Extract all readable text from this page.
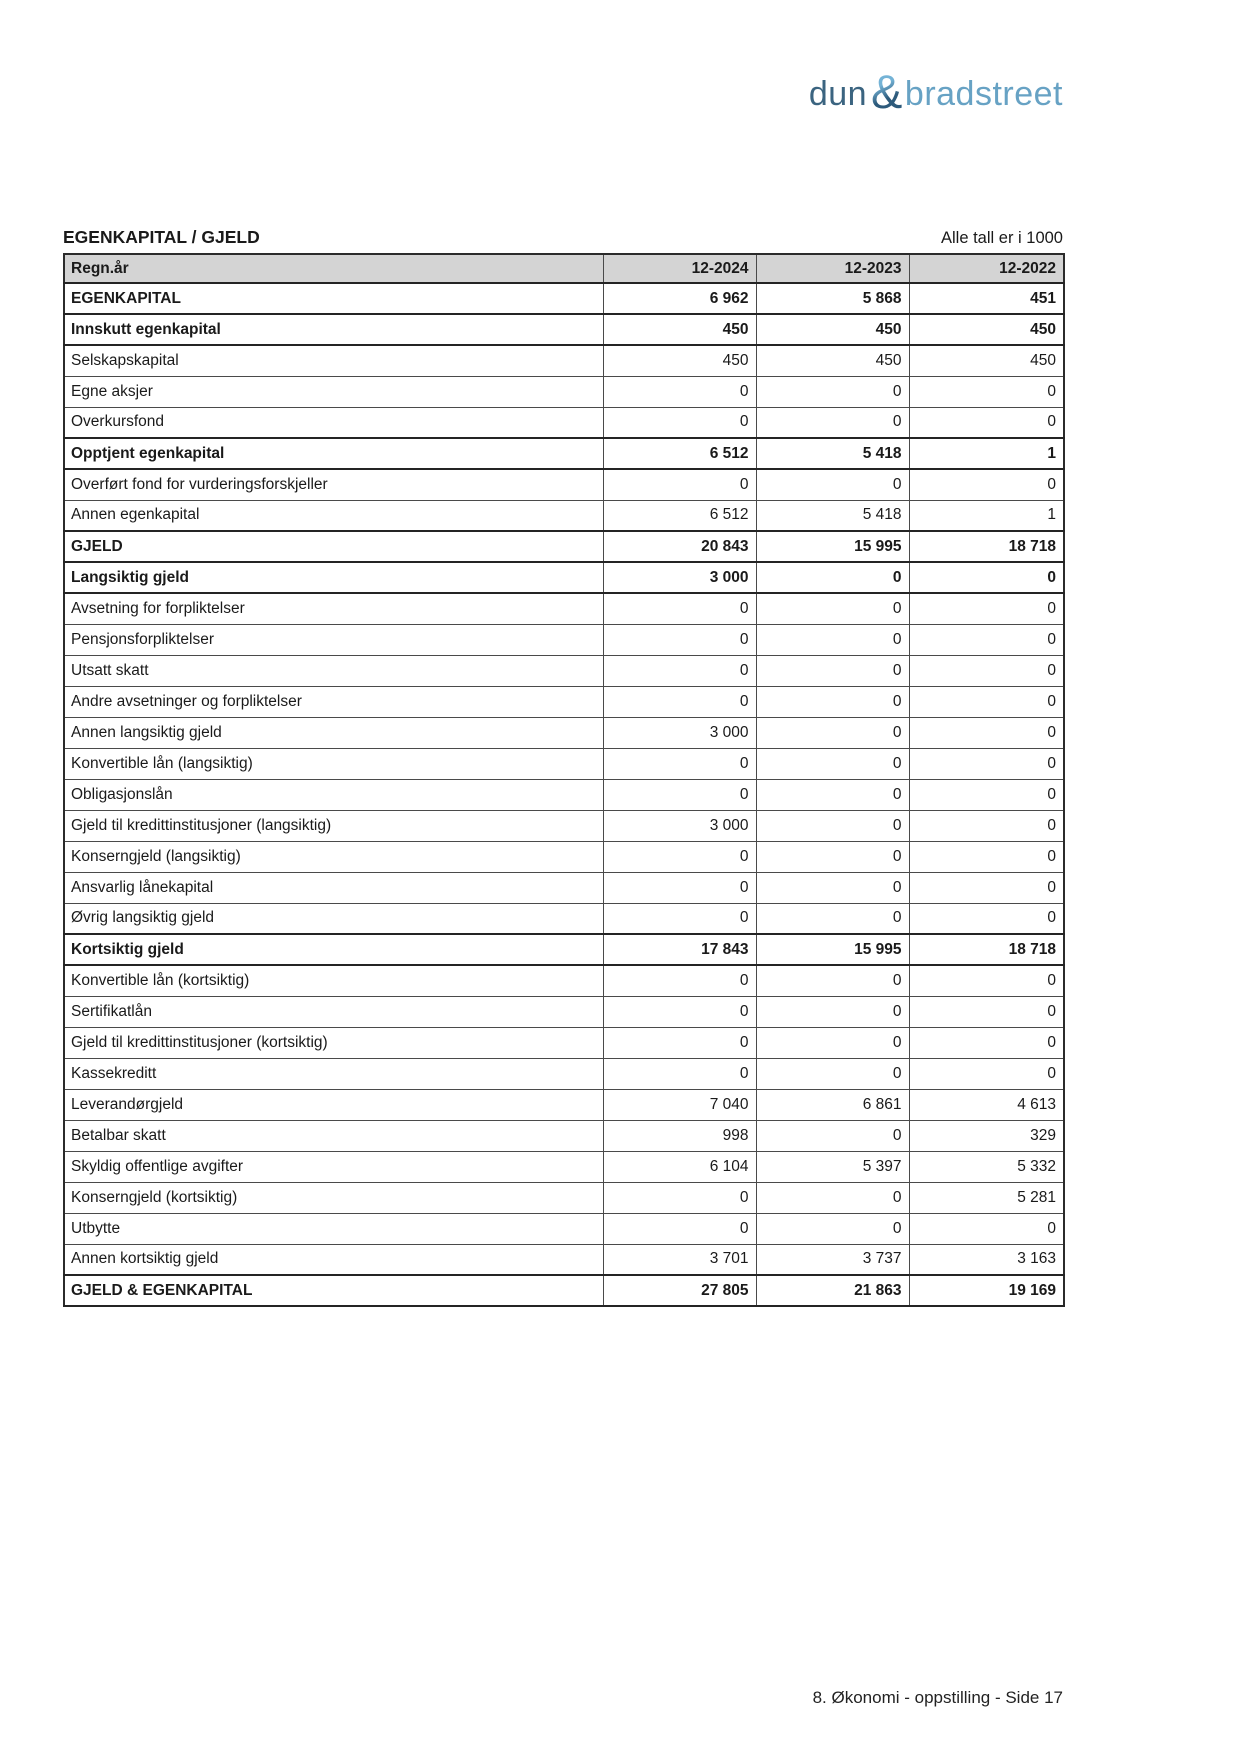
dun & bradstreet
EGENKAPITAL / GJELD	Alle tall er i 1000
Regn.år	12-2024	12-2023	12-2022
EGENKAPITAL	6 962	5 868	451
Innskutt egenkapital	450	450	450
Selskapskapital	450	450	450
Egne aksjer	0	0	0
Overkursfond	0	0	0
Opptjent egenkapital	6 512	5 418	1
Overført fond for vurderingsforskjeller	0	0	0
Annen egenkapital	6 512	5 418	1
GJELD	20 843	15 995	18 718
Langsiktig gjeld	3 000	0	0
Avsetning for forpliktelser	0	0	0
Pensjonsforpliktelser	0	0	0
Utsatt skatt	0	0	0
Andre avsetninger og forpliktelser	0	0	0
Annen langsiktig gjeld	3 000	0	0
Konvertible lån (langsiktig)	0	0	0
Obligasjonslån	0	0	0
Gjeld til kredittinstitusjoner (langsiktig)	3 000	0	0
Konserngjeld (langsiktig)	0	0	0
Ansvarlig lånekapital	0	0	0
Øvrig langsiktig gjeld	0	0	0
Kortsiktig gjeld	17 843	15 995	18 718
Konvertible lån (kortsiktig)	0	0	0
Sertifikatlån	0	0	0
Gjeld til kredittinstitusjoner (kortsiktig)	0	0	0
Kassekreditt	0	0	0
Leverandørgjeld	7 040	6 861	4 613
Betalbar skatt	998	0	329
Skyldig offentlige avgifter	6 104	5 397	5 332
Konserngjeld (kortsiktig)	0	0	5 281
Utbytte	0	0	0
Annen kortsiktig gjeld	3 701	3 737	3 163
GJELD & EGENKAPITAL	27 805	21 863	19 169
8. Økonomi - oppstilling - Side 17
